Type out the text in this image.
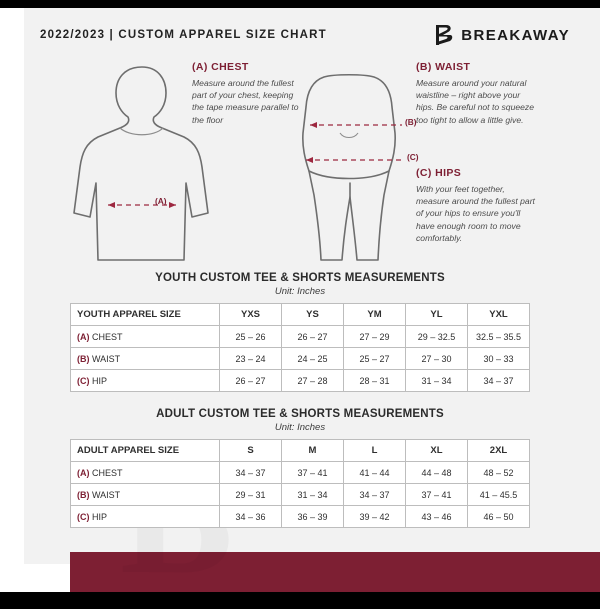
2022/2023 | CUSTOM APPAREL SIZE CHART	BREAKAWAY
(A)
(B)
(C)
(A) CHEST
Measure around the fullest part of your chest, keeping the tape measure parallel to the floor
(B) WAIST
Measure around your natural waistline – right above your hips. Be careful not to squeeze too tight to allow a little give.
(C) HIPS
With your feet together, measure around the fullest part of your hips to ensure you'll have enough room to move comfortably.
YOUTH CUSTOM TEE & SHORTS MEASUREMENTS
Unit: Inches
YOUTH APPAREL SIZE	YXS	YS	YM	YL	YXL
(A) CHEST	25 – 26	26 – 27	27 – 29	29 – 32.5	32.5 – 35.5
(B) WAIST	23 – 24	24 – 25	25 – 27	27 – 30	30 – 33
(C) HIP	26 – 27	27 – 28	28 – 31	31 – 34	34 – 37
ADULT CUSTOM TEE & SHORTS MEASUREMENTS
Unit: Inches
ADULT APPAREL SIZE	S	M	L	XL	2XL
(A) CHEST	34 – 37	37 – 41	41 – 44	44 – 48	48 – 52
(B) WAIST	29 – 31	31 – 34	34 – 37	37 – 41	41 – 45.5
(C) HIP	34 – 36	36 – 39	39 – 42	43 – 46	46 – 50
